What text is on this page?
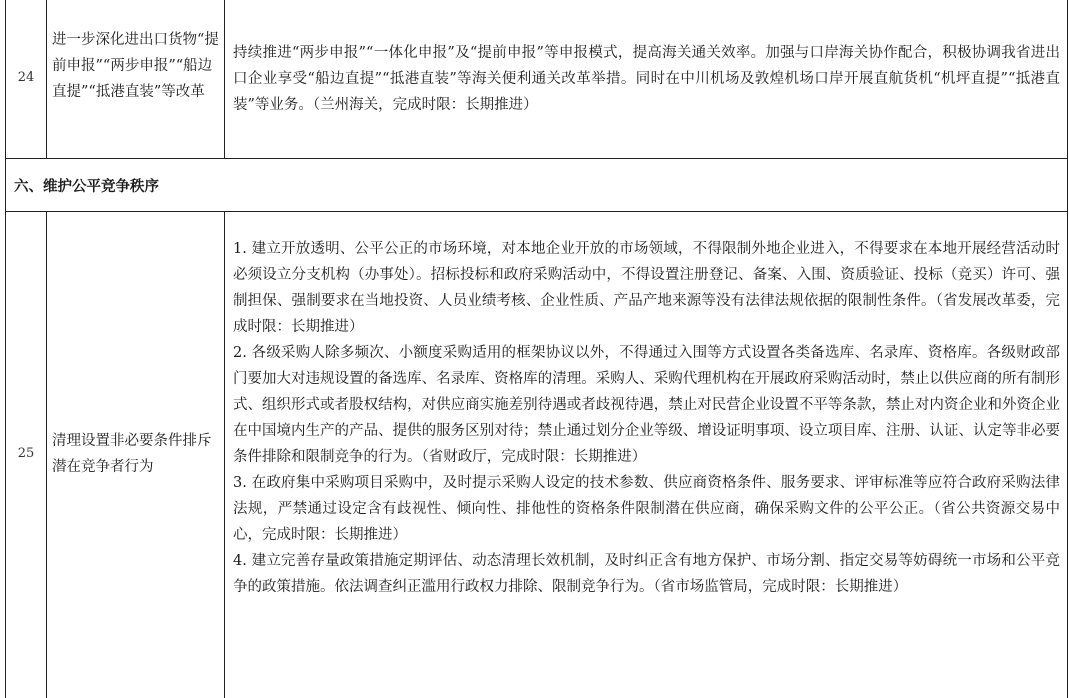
24
进一步深化进出口货物“提前申报”“两步申报”“船边直提”“抵港直装”等改革

持续推进“两步申报”“一体化申报”及“提前申报”等申报模式，提高海关通关效率。加强与口岸海关协作配合，积极协调我省进出口企业享受“船边直提”“抵港直装”等海关便利通关改革举措。同时在中川机场及敦煌机场口岸开展直航货机“机坪直提”“抵港直装”等业务。（兰州海关，完成时限：长期推进）

六、维护公平竞争秩序
25
清理设置非必要条件排斥潜在竞争者行为

1. 建立开放透明、公平公正的市场环境，对本地企业开放的市场领域，不得限制外地企业进入，不得要求在本地开展经营活动时必须设立分支机构（办事处）。招标投标和政府采购活动中，不得设置注册登记、备案、入围、资质验证、投标（竞买）许可、强制担保、强制要求在当地投资、人员业绩考核、企业性质、产品产地来源等没有法律法规依据的限制性条件。（省发展改革委，完成时限：长期推进）

2. 各级采购人除多频次、小额度采购适用的框架协议以外，不得通过入围等方式设置各类备选库、名录库、资格库。各级财政部门要加大对违规设置的备选库、名录库、资格库的清理。采购人、采购代理机构在开展政府采购活动时，禁止以供应商的所有制形式、组织形式或者股权结构，对供应商实施差别待遇或者歧视待遇，禁止对民营企业设置不平等条款，禁止对内资企业和外资企业在中国境内生产的产品、提供的服务区别对待；禁止通过划分企业等级、增设证明事项、设立项目库、注册、认证、认定等非必要条件排除和限制竞争的行为。（省财政厅，完成时限：长期推进）

3. 在政府集中采购项目采购中，及时提示采购人设定的技术参数、供应商资格条件、服务要求、评审标准等应符合政府采购法律法规，严禁通过设定含有歧视性、倾向性、排他性的资格条件限制潜在供应商，确保采购文件的公平公正。（省公共资源交易中心，完成时限：长期推进）

4. 建立完善存量政策措施定期评估、动态清理长效机制，及时纠正含有地方保护、市场分割、指定交易等妨碍统一市场和公平竞争的政策措施。依法调查纠正滥用行政权力排除、限制竞争行为。（省市场监管局，完成时限：长期推进）
